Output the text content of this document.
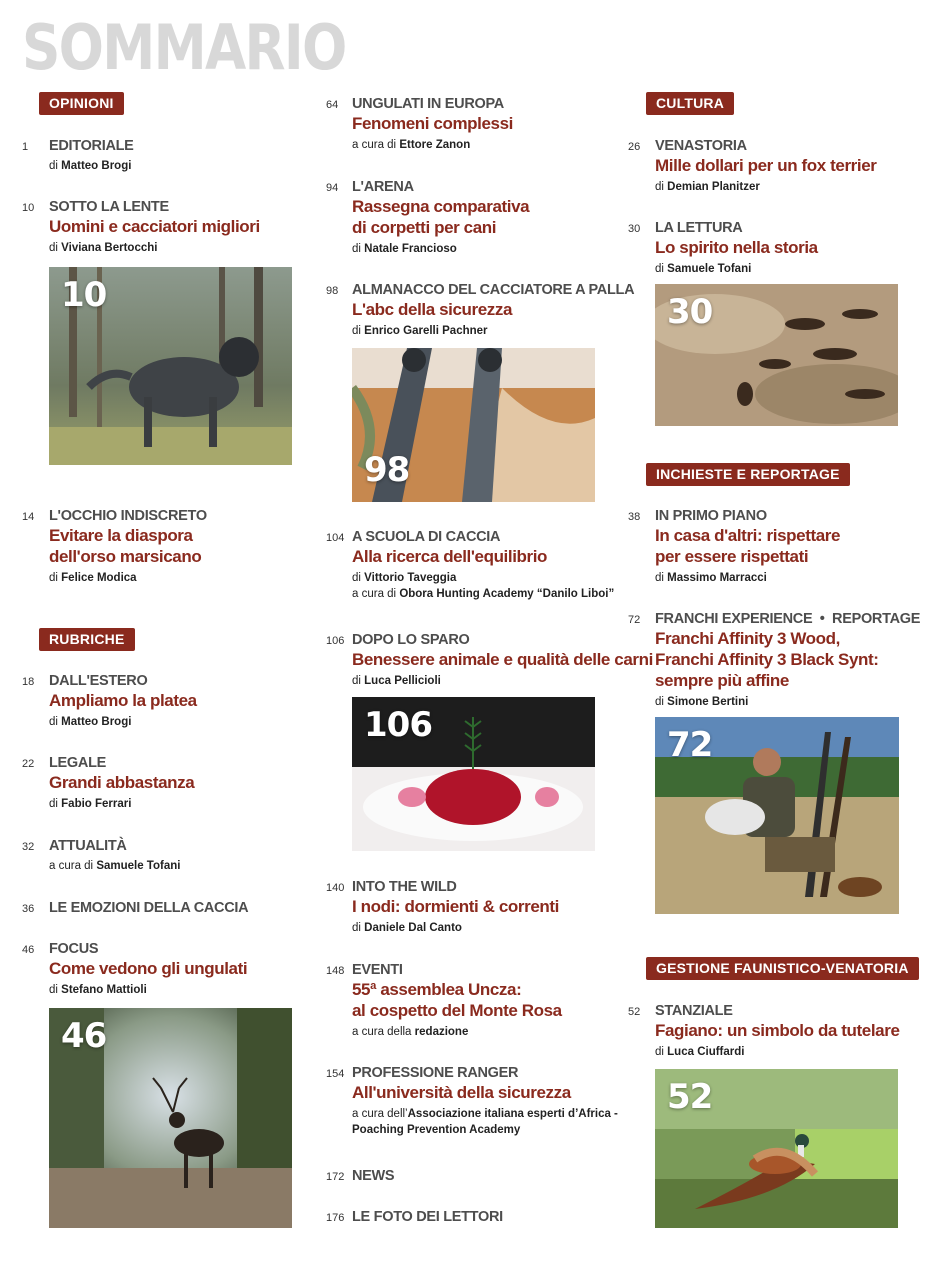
SOMMARIO
OPINIONI
1 EDITORIALE
di Matteo Brogi
10 SOTTO LA LENTE
Uomini e cacciatori migliori
di Viviana Bertocchi
10
14 L'OCCHIO INDISCRETO
Evitare la diaspora
dell'orso marsicano
di Felice Modica
RUBRICHE
18 DALL'ESTERO
Ampliamo la platea
di Matteo Brogi
22 LEGALE
Grandi abbastanza
di Fabio Ferrari
32 ATTUALITÀ
a cura di Samuele Tofani
36 LE EMOZIONI DELLA CACCIA
46 FOCUS
Come vedono gli ungulati
di Stefano Mattioli
46
64 UNGULATI IN EUROPA
Fenomeni complessi
a cura di Ettore Zanon
94 L'ARENA
Rassegna comparativa
di corpetti per cani
di Natale Francioso
98 ALMANACCO DEL CACCIATORE A PALLA
L'abc della sicurezza
di Enrico Garelli Pachner
98
104 A SCUOLA DI CACCIA
Alla ricerca dell'equilibrio
di Vittorio Taveggia
a cura di Obora Hunting Academy “Danilo Liboi”
106 DOPO LO SPARO
Benessere animale e qualità delle carni
di Luca Pellicioli
106
140 INTO THE WILD
I nodi: dormienti & correnti
di Daniele Dal Canto
148 EVENTI
55ª assemblea Uncza:
al cospetto del Monte Rosa
a cura della redazione
154 PROFESSIONE RANGER
All'università della sicurezza
a cura dell’Associazione italiana esperti d’Africa -
Poaching Prevention Academy
172 NEWS
176 LE FOTO DEI LETTORI
CULTURA
26 VENASTORIA
Mille dollari per un fox terrier
di Demian Planitzer
30 LA LETTURA
Lo spirito nella storia
di Samuele Tofani
30
INCHIESTE E REPORTAGE
38 IN PRIMO PIANO
In casa d'altri: rispettare
per essere rispettati
di Massimo Marracci
72 FRANCHI EXPERIENCE  •  REPORTAGE
Franchi Affinity 3 Wood,
Franchi Affinity 3 Black Synt:
sempre più affine
di Simone Bertini
72
GESTIONE FAUNISTICO-VENATORIA
52 STANZIALE
Fagiano: un simbolo da tutelare
di Luca Ciuffardi
52
